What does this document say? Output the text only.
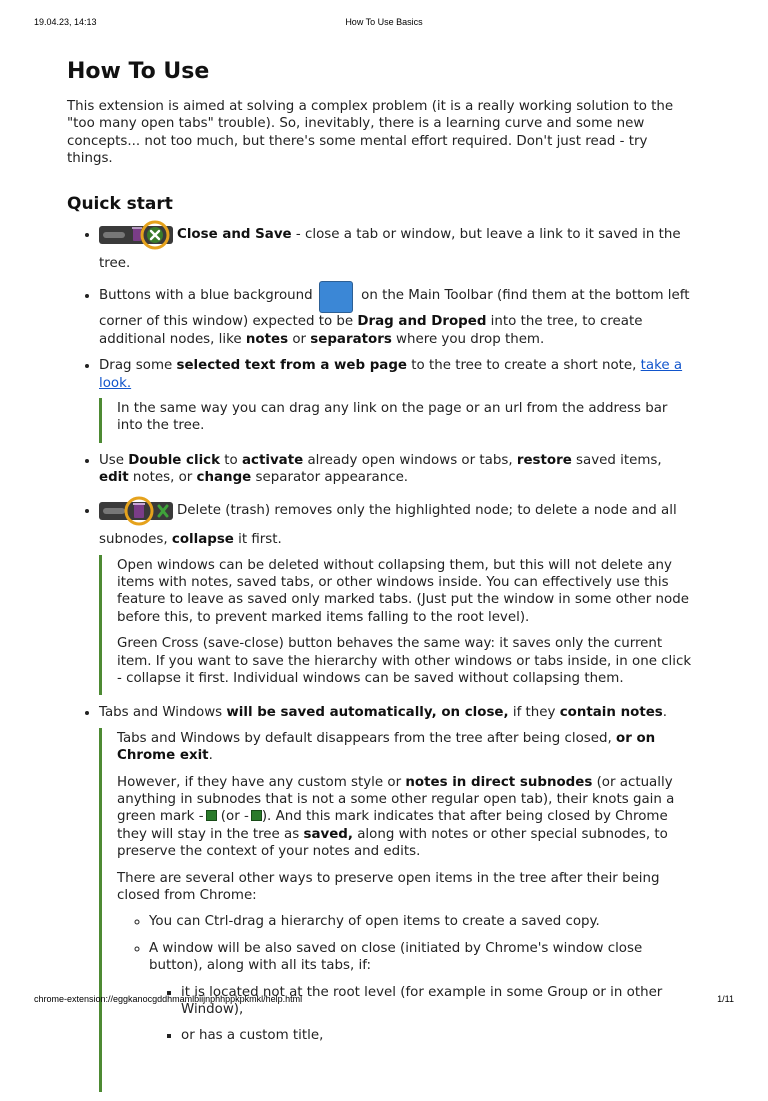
19.04.23, 14:13	How To Use Basics
How To Use

This extension is aimed at solving a complex problem (it is a really working solution to the "too many open tabs" trouble). So, inevitably, there is a learning curve and some new concepts... not too much, but there's some mental effort required. Don't just read - try things.

Quick start
• Close and Save - close a tab or window, but leave a link to it saved in the tree.
• Buttons with a blue background	on the Main Toolbar (find them at the bottom left corner of this window) expected to be Drag and Droped into the tree, to create additional nodes, like notes or separators where you drop them.
• Drag some selected text from a web page to the tree to create a short note, take a look.

In the same way you can drag any link on the page or an url from the address bar into the tree.

• Use Double click to activate already open windows or tabs, restore saved items, edit notes, or change separator appearance.
• Delete (trash) removes only the highlighted node; to delete a node and all subnodes, collapse it first.

Open windows can be deleted without collapsing them, but this will not delete any items with notes, saved tabs, or other windows inside. You can effectively use this feature to leave as saved only marked tabs. (Just put the window in some other node before this, to prevent marked items falling to the root level).

Green Cross (save-close) button behaves the same way: it saves only the current item. If you want to save the hierarchy with other windows or tabs inside, in one click - collapse it first. Individual windows can be saved without collapsing them.

• Tabs and Windows will be saved automatically, on close, if they contain notes.

Tabs and Windows by default disappears from the tree after being closed, or on Chrome exit.

However, if they have any custom style or notes in direct subnodes (or actually anything in subnodes that is not a some other regular open tab), their knots gain a green mark - (or - ). And this mark indicates that after being closed by Chrome they will stay in the tree as saved, along with notes or other special subnodes, to preserve the context of your notes and edits.

There are several other ways to preserve open items in the tree after their being closed from Chrome:

◦ You can Ctrl-drag a hierarchy of open items to create a saved copy.
◦ A window will be also saved on close (initiated by Chrome's window close button), along with all its tabs, if:
▪ it is located not at the root level (for example in some Group or in other Window),
▪ or has a custom title,
chrome-extension://eggkanocgddhmamlbiijnphhppkpkmkl/help.html	1/11
